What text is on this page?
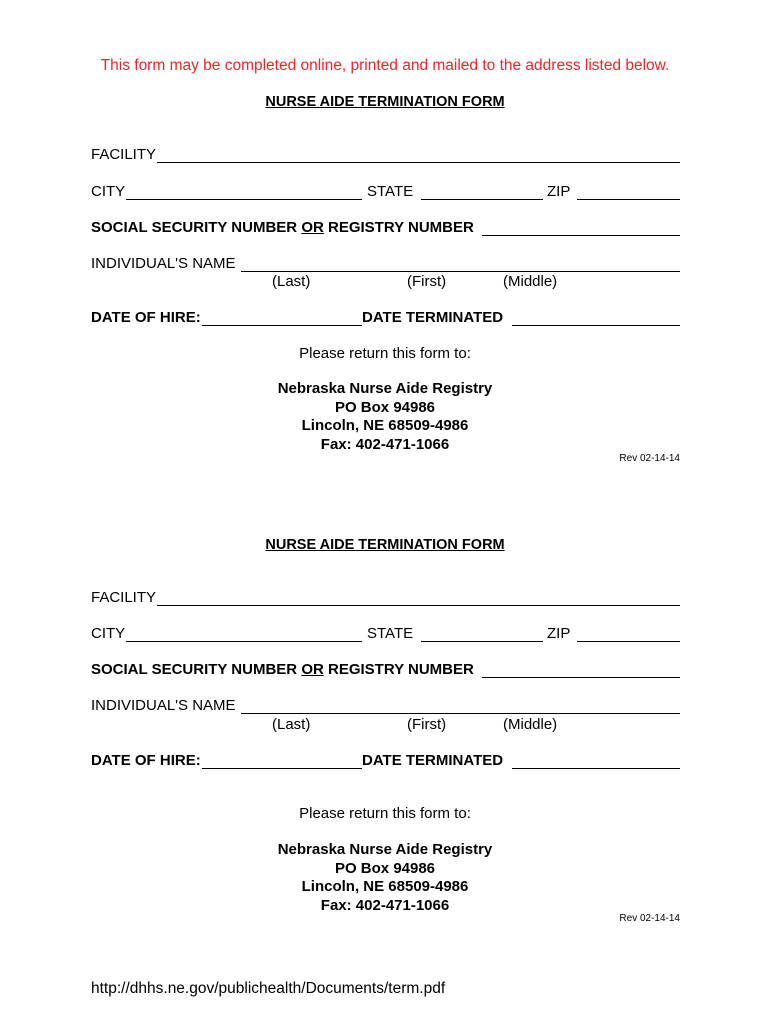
This form may be completed online, printed and mailed to the address listed below.
NURSE AIDE TERMINATION FORM
FACILITY
CITY	STATE	ZIP
SOCIAL SECURITY NUMBER OR REGISTRY NUMBER
INDIVIDUAL'S NAME
(Last)	(First)	(Middle)
DATE OF HIRE:	DATE TERMINATED
Please return this form to:
Nebraska Nurse Aide Registry
PO Box 94986
Lincoln, NE 68509-4986
Fax: 402-471-1066
Rev 02-14-14
NURSE AIDE TERMINATION FORM
FACILITY
CITY	STATE	ZIP
SOCIAL SECURITY NUMBER OR REGISTRY NUMBER
INDIVIDUAL'S NAME
(Last)	(First)	(Middle)
DATE OF HIRE:	DATE TERMINATED
Please return this form to:
Nebraska Nurse Aide Registry
PO Box 94986
Lincoln, NE 68509-4986
Fax: 402-471-1066
Rev 02-14-14
http://dhhs.ne.gov/publichealth/Documents/term.pdf
